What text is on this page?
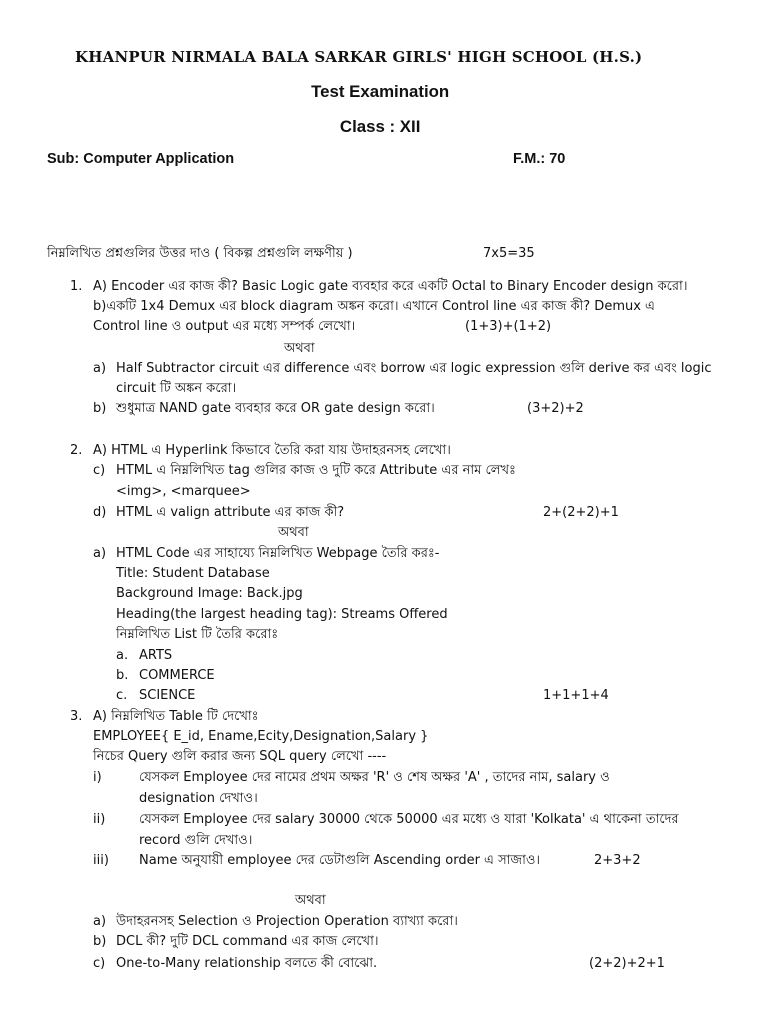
KHANPUR NIRMALA BALA SARKAR GIRLS' HIGH SCHOOL (H.S.)
Test Examination
Class : XII
Sub: Computer Application	F.M.: 70
নিম্নলিখিত প্রশ্নগুলির উত্তর দাও ( বিকল্প প্রশ্নগুলি লক্ষণীয় )	7x5=35
1. A) Encoder এর কাজ কী? Basic Logic gate ব্যবহার করে একটি Octal to Binary Encoder design করো।
b)একটি 1x4 Demux এর block diagram অঙ্কন করো। এখানে Control line এর কাজ কী? Demux এ
Control line ও output এর মধ্যে সম্পর্ক লেখো।	(1+3)+(1+2)
অথবা
a) Half Subtractor circuit এর difference এবং borrow এর logic expression গুলি derive কর এবং logic
circuit টি অঙ্কন করো।
b) শুধুমাত্র NAND gate ব্যবহার করে OR gate design করো।	(3+2)+2
2. A) HTML এ Hyperlink কিভাবে তৈরি করা যায় উদাহরনসহ লেখো।
c) HTML এ নিম্নলিখিত tag গুলির কাজ ও দুটি করে Attribute এর নাম লেখঃ
<img>, <marquee>
d) HTML এ valign attribute এর কাজ কী?	2+(2+2)+1
অথবা
a) HTML Code এর সাহায্যে নিম্নলিখিত Webpage তৈরি করঃ-
Title: Student Database
Background Image: Back.jpg
Heading(the largest heading tag): Streams Offered
নিম্নলিখিত List টি তৈরি করোঃ
a. ARTS
b. COMMERCE
c. SCIENCE	1+1+1+4
3. A) নিম্নলিখিত Table টি দেখোঃ
EMPLOYEE{ E_id, Ename,Ecity,Designation,Salary }
নিচের Query গুলি করার জন্য SQL query লেখো ----
i)	যেসকল Employee দের নামের প্রথম অক্ষর 'R' ও শেষ অক্ষর 'A' , তাদের নাম, salary ও
designation দেখাও।
ii)	যেসকল Employee দের salary 30000 থেকে 50000 এর মধ্যে ও যারা 'Kolkata' এ থাকেনা তাদের
record গুলি দেখাও।
iii) Name অনুযায়ী employee দের ডেটাগুলি Ascending order এ সাজাও।	2+3+2
অথবা
a) উদাহরনসহ Selection ও Projection Operation ব্যাখ্যা করো।
b) DCL কী? দুটি DCL command এর কাজ লেখো।
c) One-to-Many relationship বলতে কী বোঝো.	(2+2)+2+1
